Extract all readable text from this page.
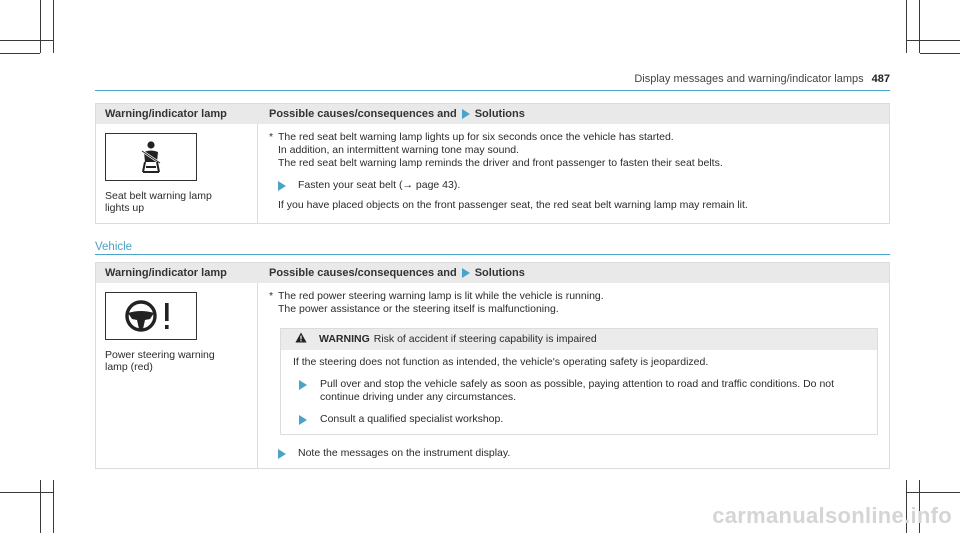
Display messages and warning/indicator lamps 487
Warning/indicator lamp	Possible causes/consequences and Solutions
Seat belt warning lamp
lights up
* The red seat belt warning lamp lights up for six seconds once the vehicle has started.
In addition, an intermittent warning tone may sound.
The red seat belt warning lamp reminds the driver and front passenger to fasten their seat belts.
Fasten your seat belt (→ page 43).
If you have placed objects on the front passenger seat, the red seat belt warning lamp may remain lit.
Vehicle
Warning/indicator lamp	Possible causes/consequences and Solutions
Power steering warning
lamp (red)
* The red power steering warning lamp is lit while the vehicle is running.
The power assistance or the steering itself is malfunctioning.
WARNING Risk of accident if steering capability is impaired
If the steering does not function as intended, the vehicle's operating safety is jeopardized.
Pull over and stop the vehicle safely as soon as possible, paying attention to road and traffic conditions. Do not continue driving under any circumstances.
Consult a qualified specialist workshop.
Note the messages on the instrument display.
carmanualsonline.info
